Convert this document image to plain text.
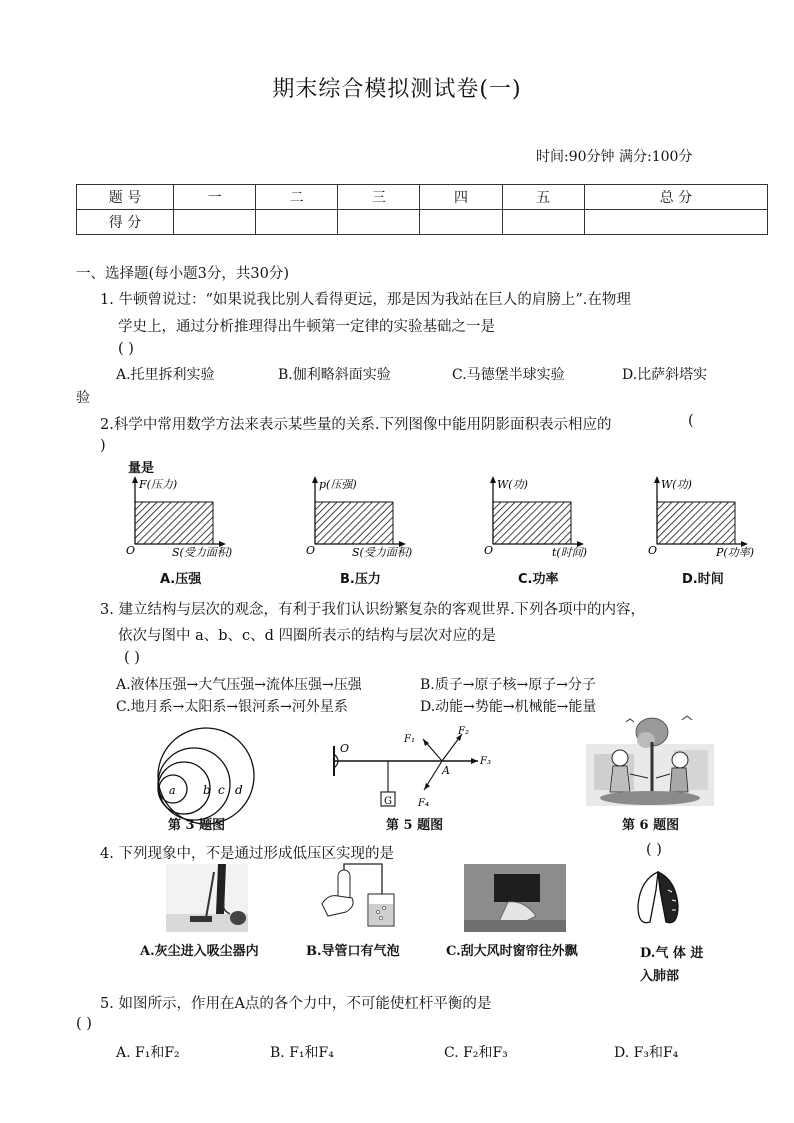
期末综合模拟测试卷(一)
时间:90分钟 满分:100分
题 号	一	二	三	四	五	总 分
得 分						
一、选择题(每小题3分，共30分)
1. 牛顿曾说过：“如果说我比别人看得更远，那是因为我站在巨人的肩膀上”.在物理
学史上，通过分析推理得出牛顿第一定律的实验基础之一是
( )
A.托里拆利实验	B.伽利略斜面实验	C.马德堡半球实验	D.比萨斜塔实
验
2.科学中常用数学方法来表示某些量的关系.下列图像中能用阴影面积表示相应的	(
)
量是
F(压力)
O	S(受力面积)
A.压强
p(压强)
O	S(受力面积)
B.压力
W(功)
O	t(时间)
C.功率
W(功)
O	P(功率)
D.时间
3. 建立结构与层次的观念，有利于我们认识纷繁复杂的客观世界.下列各项中的内容，
依次与图中 a、b、c、d 四圈所表示的结构与层次对应的是
( )
A.液体压强→大气压强→流体压强→压强	B.质子→原子核→原子→分子
C.地月系→太阳系→银河系→河外星系	D.动能→势能→机械能→能量
a b c d
第 3 题图
O
A
G
F₁
F₂
F₃
F₄
第 5 题图	第 6 题图
4. 下列现象中，不是通过形成低压区实现的是	( )
A.灰尘进入吸尘器内	B.导管口有气泡	C.刮大风时窗帘往外飘	D.气 体 进
入肺部
5. 如图所示，作用在A点的各个力中，不可能使杠杆平衡的是
( )
A. F₁和F₂	B. F₁和F₄	C. F₂和F₃	D. F₃和F₄
